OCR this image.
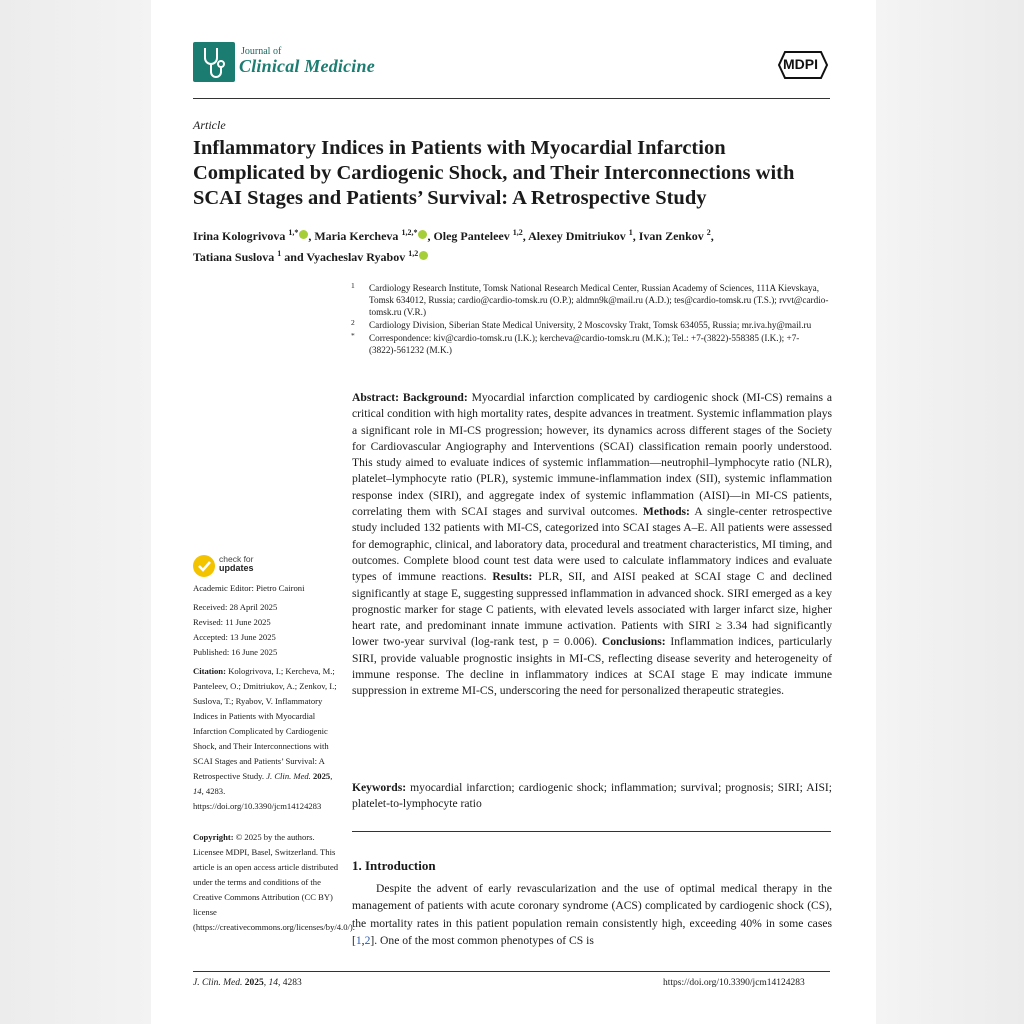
Journal of
Clinical Medicine	MDPI
Article
Inflammatory Indices in Patients with Myocardial Infarction Complicated by Cardiogenic Shock, and Their Interconnections with SCAI Stages and Patients’ Survival: A Retrospective Study
Irina Kologrivova $^{1,*}$ , Maria Kercheva $^{1,2,*}$ , Oleg Panteleev $^{1,2}$, Alexey Dmitriukov $^1$, Ivan Zenkov $^2$,
Tatiana Suslova $^1$ and Vyacheslav Ryabov $^{1,2}$
1 Cardiology Research Institute, Tomsk National Research Medical Center, Russian Academy of Sciences, 111A Kievskaya, Tomsk 634012, Russia; cardio@cardio-tomsk.ru (O.P.); aldmn9k@mail.ru (A.D.); tes@cardio-tomsk.ru (T.S.); rvvt@cardio-tomsk.ru (V.R.)
2 Cardiology Division, Siberian State Medical University, 2 Moscovsky Trakt, Tomsk 634055, Russia; mr.iva.hy@mail.ru
* Correspondence: kiv@cardio-tomsk.ru (I.K.); kercheva@cardio-tomsk.ru (M.K.); Tel.: +7-(3822)-558385 (I.K.); +7-(3822)-561232 (M.K.)
Abstract: Background: Myocardial infarction complicated by cardiogenic shock (MI-CS) remains a critical condition with high mortality rates, despite advances in treatment. Systemic inflammation plays a significant role in MI-CS progression; however, its dynamics across different stages of the Society for Cardiovascular Angiography and Interventions (SCAI) classification remain poorly understood. This study aimed to evaluate indices of systemic inflammation—neutrophil–lymphocyte ratio (NLR), platelet–lymphocyte ratio (PLR), systemic immune-inflammation index (SII), systemic inflammation response index (SIRI), and aggregate index of systemic inflammation (AISI)—in MI-CS patients, correlating them with SCAI stages and survival outcomes. Methods: A single-center retrospective study included 132 patients with MI-CS, categorized into SCAI stages A–E. All patients were assessed for demographic, clinical, and laboratory data, procedural and treatment characteristics, MI timing, and outcomes. Complete blood count test data were used to calculate inflammatory indices and evaluate types of immune reactions. Results: PLR, SII, and AISI peaked at SCAI stage C and declined significantly at stage E, suggesting suppressed inflammation in advanced shock. SIRI emerged as a key prognostic marker for stage C patients, with elevated levels associated with larger infarct size, higher heart rate, and predominant innate immune activation. Patients with SIRI ≥ 3.34 had significantly lower two-year survival (log-rank test, p = 0.006). Conclusions: Inflammation indices, particularly SIRI, provide valuable prognostic insights in MI-CS, reflecting disease severity and heterogeneity of immune response. The decline in inflammatory indices at SCAI stage E may indicate immune suppression in extreme MI-CS, underscoring the need for personalized therapeutic strategies.
Keywords: myocardial infarction; cardiogenic shock; inflammation; survival; prognosis; SIRI; AISI; platelet-to-lymphocyte ratio
1. Introduction
Despite the advent of early revascularization and the use of optimal medical therapy in the management of patients with acute coronary syndrome (ACS) complicated by cardiogenic shock (CS), the mortality rates in this patient population remain consistently high, exceeding 40% in some cases [1,2]. One of the most common phenotypes of CS is
check for
updates
Academic Editor: Pietro Caironi
Received: 28 April 2025
Revised: 11 June 2025
Accepted: 13 June 2025
Published: 16 June 2025
Citation: Kologrivova, I.; Kercheva, M.; Panteleev, O.; Dmitriukov, A.; Zenkov, I.; Suslova, T.; Ryabov, V. Inflammatory Indices in Patients with Myocardial Infarction Complicated by Cardiogenic Shock, and Their Interconnections with SCAI Stages and Patients’ Survival: A Retrospective Study. J. Clin. Med. 2025, 14, 4283. https://doi.org/10.3390/jcm14124283
Copyright: © 2025 by the authors. Licensee MDPI, Basel, Switzerland. This article is an open access article distributed under the terms and conditions of the Creative Commons Attribution (CC BY) license (https://creativecommons.org/licenses/by/4.0/).
J. Clin. Med. 2025, 14, 4283	https://doi.org/10.3390/jcm14124283
